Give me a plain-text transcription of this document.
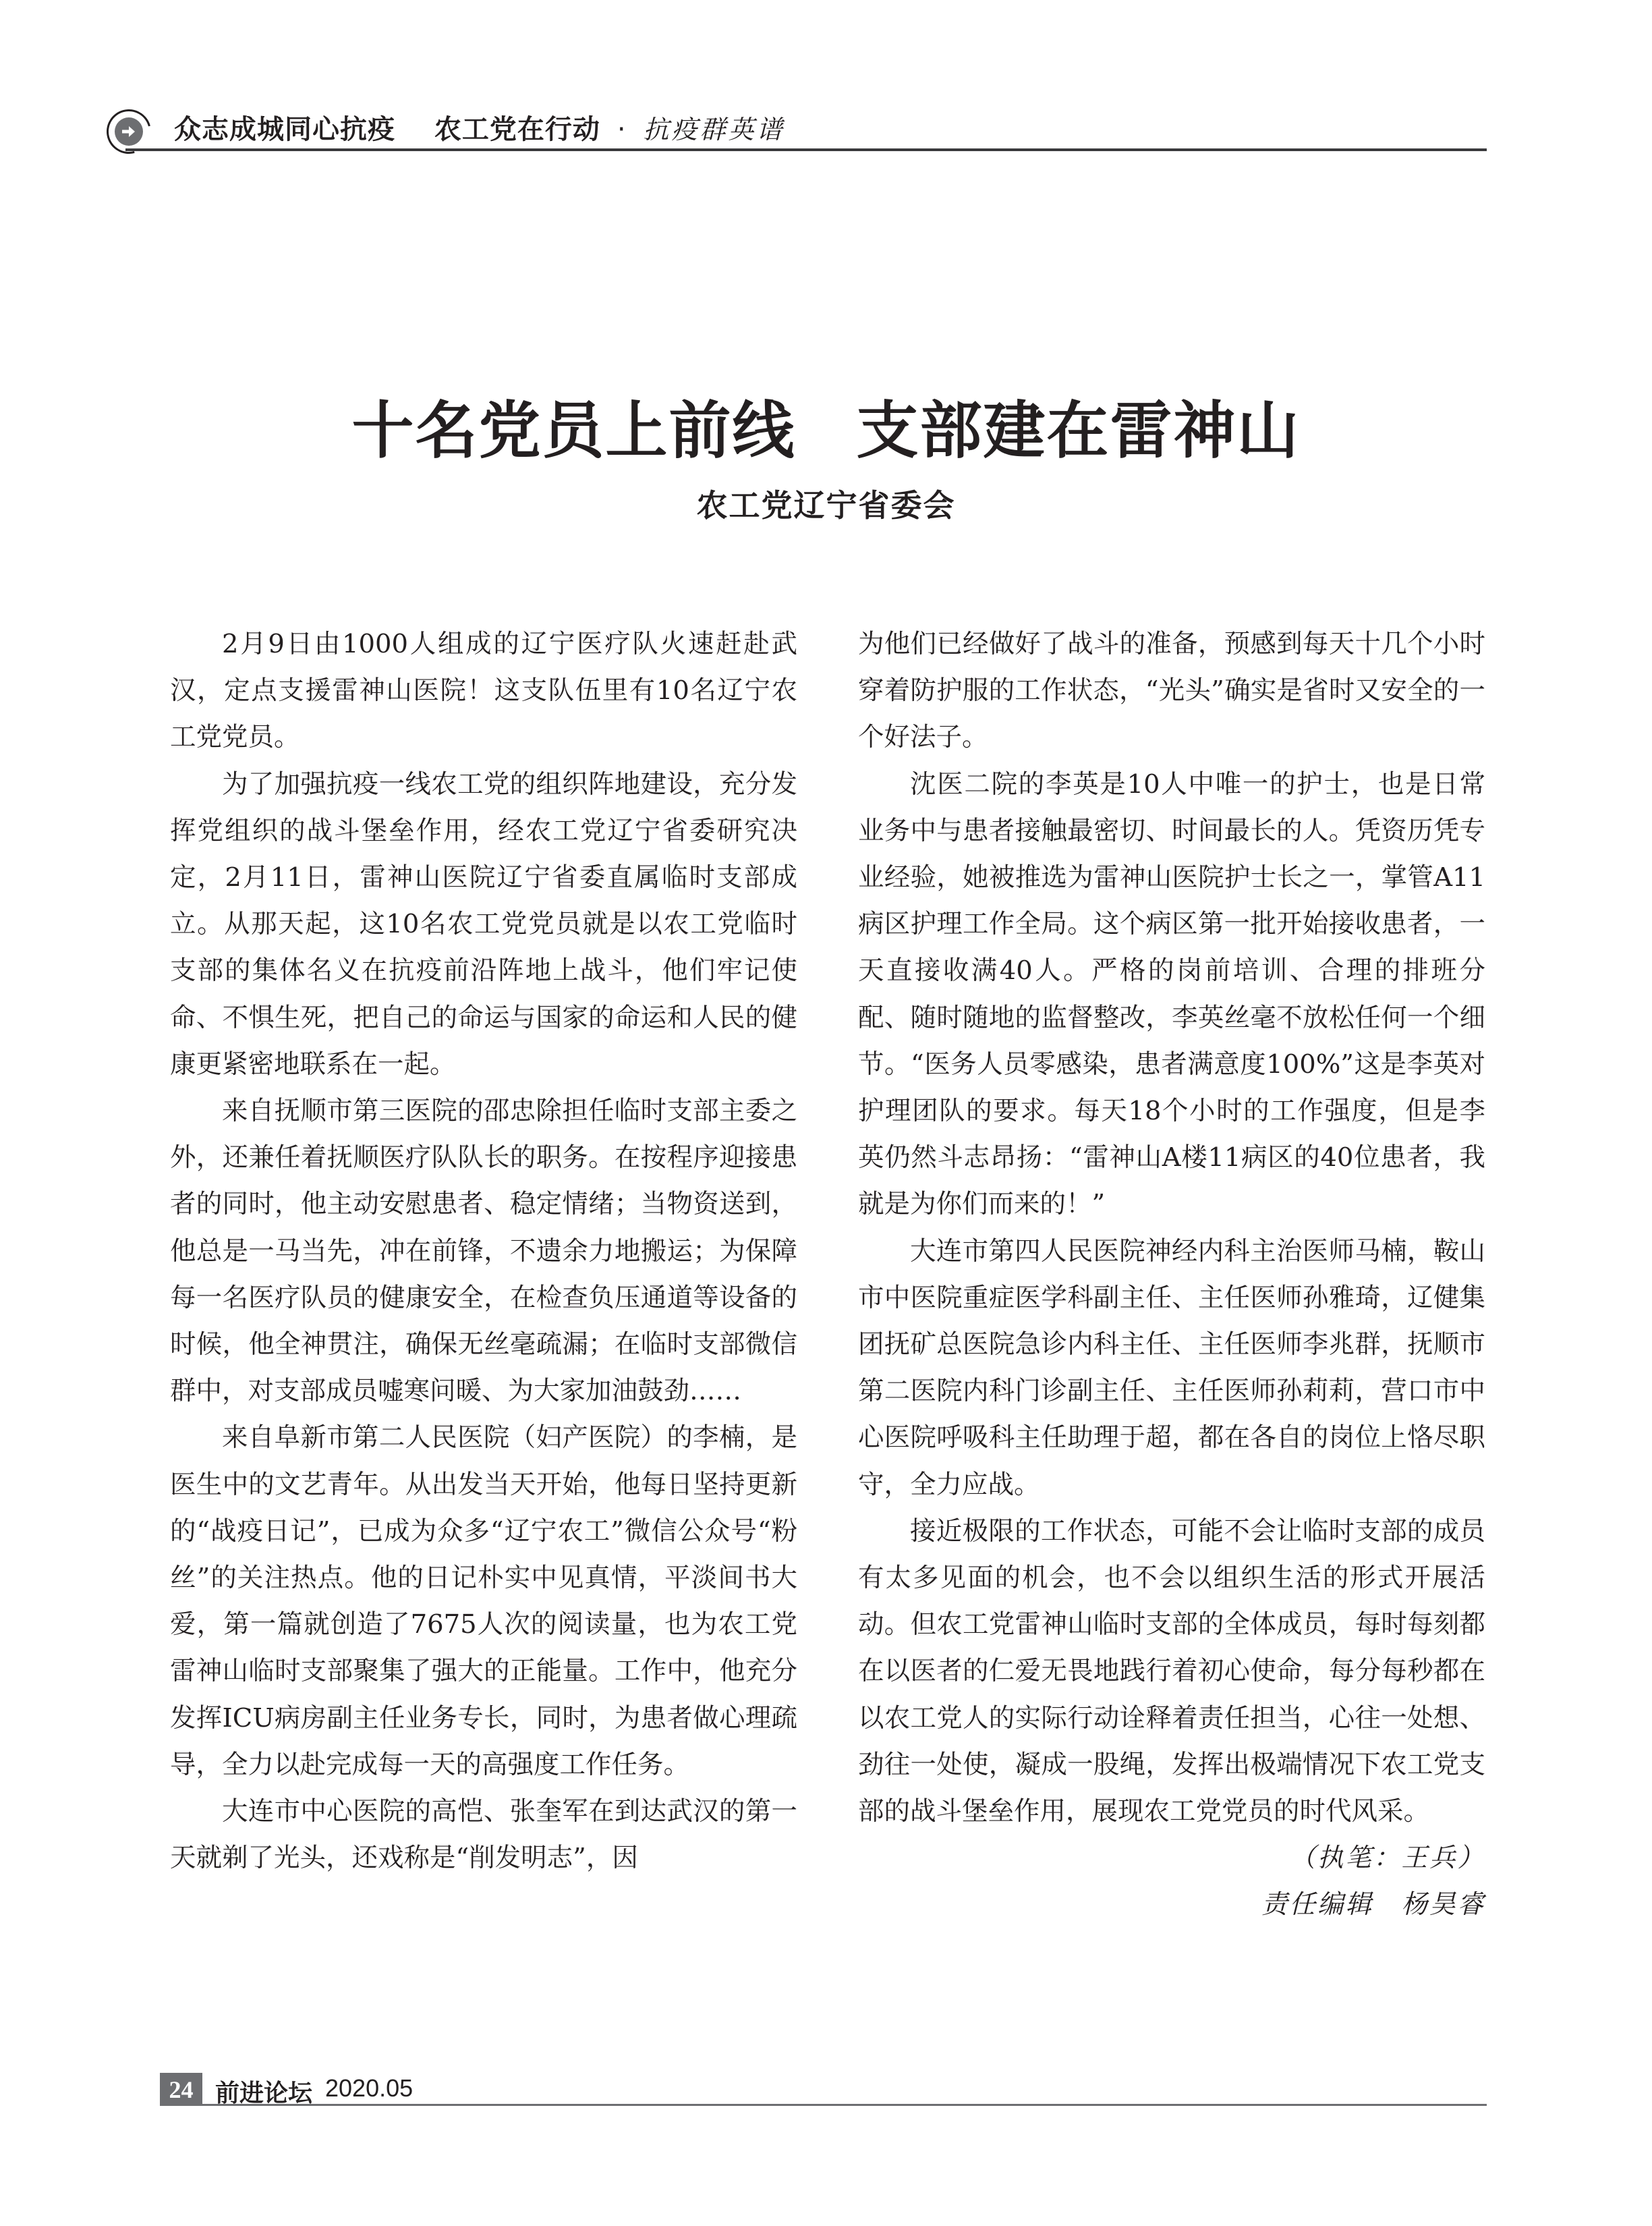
众志成城同心抗疫 农工党在行动 · 抗疫群英谱
十名党员上前线 支部建在雷神山
农工党辽宁省委会

2月9日由1000人组成的辽宁医疗队火速赶赴武汉，定点支援雷神山医院！这支队伍里有10名辽宁农工党党员。

为了加强抗疫一线农工党的组织阵地建设，充分发挥党组织的战斗堡垒作用，经农工党辽宁省委研究决定，2月11日，雷神山医院辽宁省委直属临时支部成立。从那天起，这10名农工党党员就是以农工党临时支部的集体名义在抗疫前沿阵地上战斗，他们牢记使命、不惧生死，把自己的命运与国家的命运和人民的健康更紧密地联系在一起。

来自抚顺市第三医院的邵忠除担任临时支部主委之外，还兼任着抚顺医疗队队长的职务。在按程序迎接患者的同时，他主动安慰患者、稳定情绪；当物资送到，他总是一马当先，冲在前锋，不遗余力地搬运；为保障每一名医疗队员的健康安全，在检查负压通道等设备的时候，他全神贯注，确保无丝毫疏漏；在临时支部微信群中，对支部成员嘘寒问暖、为大家加油鼓劲……

来自阜新市第二人民医院（妇产医院）的李楠，是医生中的文艺青年。从出发当天开始，他每日坚持更新的“战疫日记”，已成为众多“辽宁农工”微信公众号“粉丝”的关注热点。他的日记朴实中见真情，平淡间书大爱，第一篇就创造了7675人次的阅读量，也为农工党雷神山临时支部聚集了强大的正能量。工作中，他充分发挥ICU病房副主任业务专长，同时，为患者做心理疏导，全力以赴完成每一天的高强度工作任务。

大连市中心医院的高恺、张奎军在到达武汉的第一天就剃了光头，还戏称是“削发明志”，因

为他们已经做好了战斗的准备，预感到每天十几个小时穿着防护服的工作状态，“光头”确实是省时又安全的一个好法子。

沈医二院的李英是10人中唯一的护士，也是日常业务中与患者接触最密切、时间最长的人。凭资历凭专业经验，她被推选为雷神山医院护士长之一，掌管A11病区护理工作全局。这个病区第一批开始接收患者，一天直接收满40人。严格的岗前培训、合理的排班分配、随时随地的监督整改，李英丝毫不放松任何一个细节。“医务人员零感染，患者满意度100%”这是李英对护理团队的要求。每天18个小时的工作强度，但是李英仍然斗志昂扬：“雷神山A楼11病区的40位患者，我就是为你们而来的！”

大连市第四人民医院神经内科主治医师马楠，鞍山市中医院重症医学科副主任、主任医师孙雅琦，辽健集团抚矿总医院急诊内科主任、主任医师李兆群，抚顺市第二医院内科门诊副主任、主任医师孙莉莉，营口市中心医院呼吸科主任助理于超，都在各自的岗位上恪尽职守，全力应战。

接近极限的工作状态，可能不会让临时支部的成员有太多见面的机会，也不会以组织生活的形式开展活动。但农工党雷神山临时支部的全体成员，每时每刻都在以医者的仁爱无畏地践行着初心使命，每分每秒都在以农工党人的实际行动诠释着责任担当，心往一处想、劲往一处使，凝成一股绳，发挥出极端情况下农工党支部的战斗堡垒作用，展现农工党党员的时代风采。

（执笔：王兵）

责任编辑　杨昊睿

24 前进论坛 2020.05
